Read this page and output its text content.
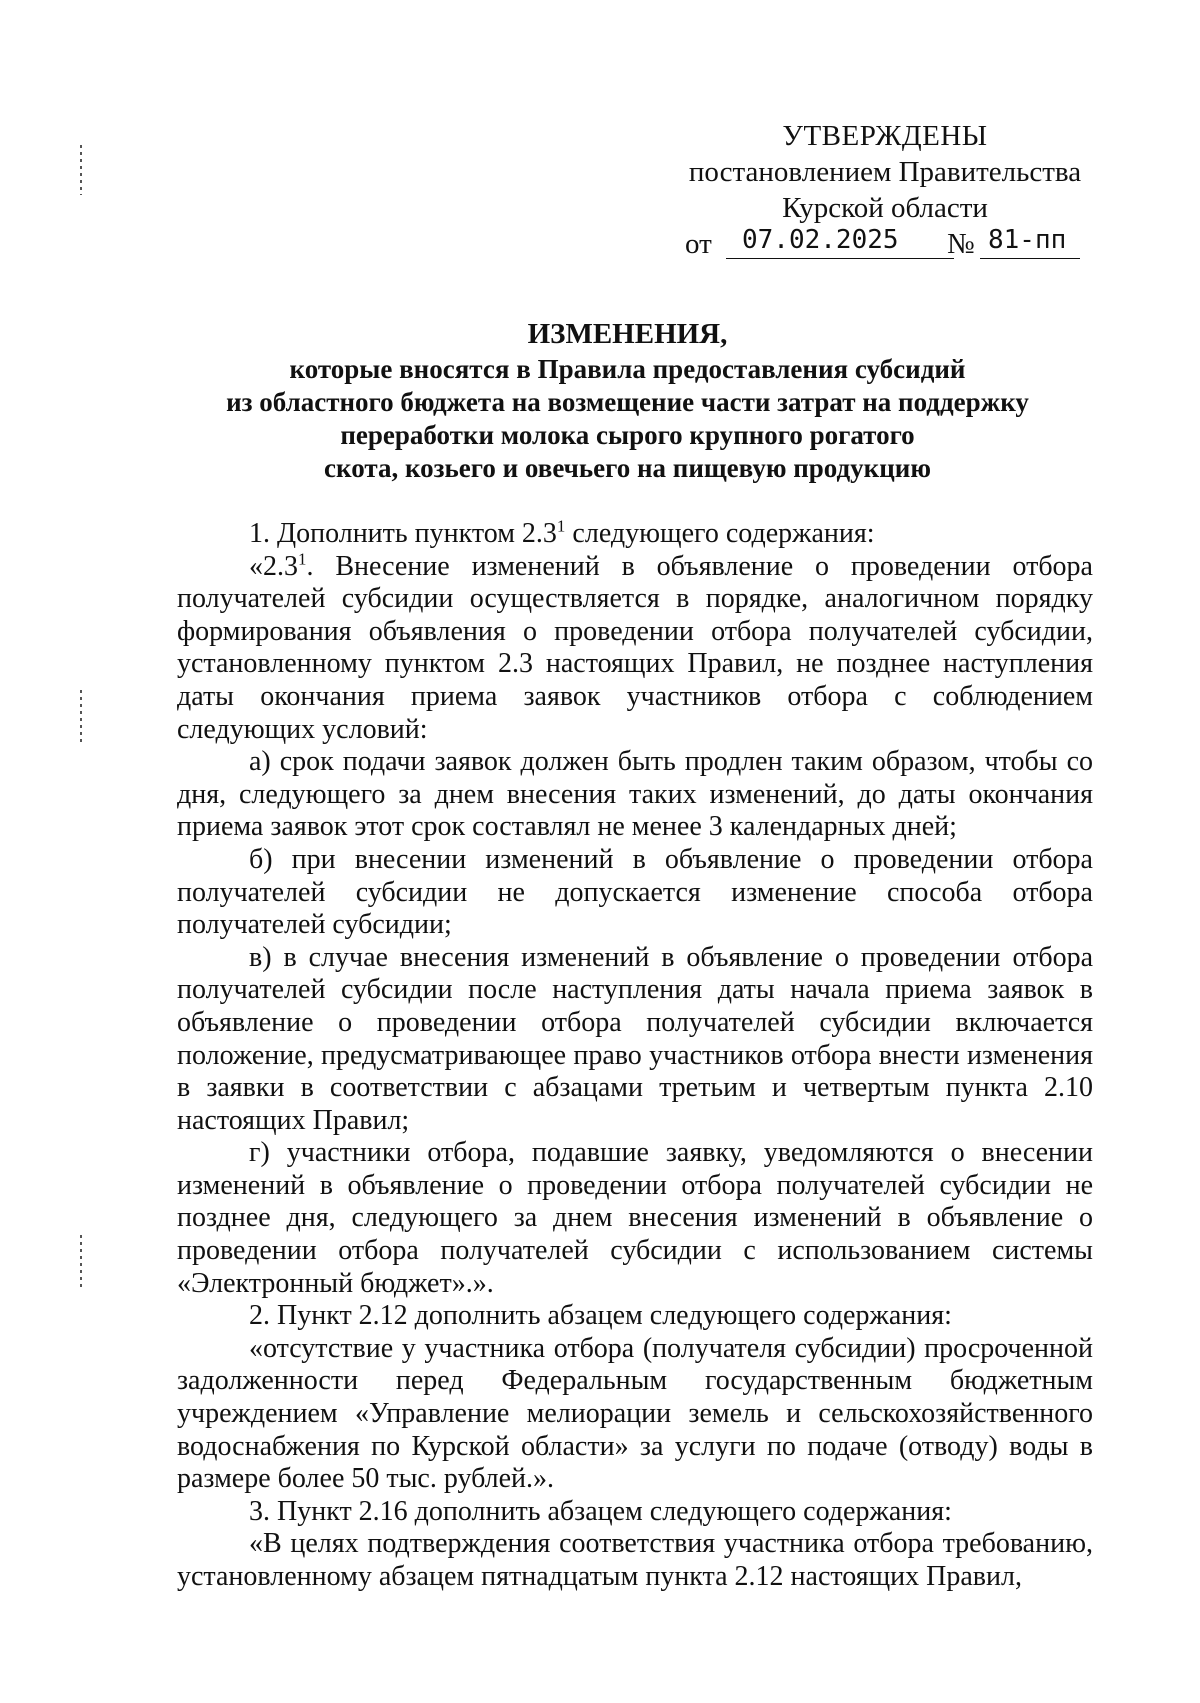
УТВЕРЖДЕНЫ
постановлением Правительства
Курской области
от 07.02.2025 № 81-пп
ИЗМЕНЕНИЯ,
которые вносятся в Правила предоставления субсидий
из областного бюджета на возмещение части затрат на поддержку
переработки молока сырого крупного рогатого
скота, козьего и овечьего на пищевую продукцию

1. Дополнить пунктом $2.3^1$ следующего содержания:

«$2.3^1$. Внесение изменений в объявление о проведении отбора получателей субсидии осуществляется в порядке, аналогичном порядку формирования объявления о проведении отбора получателей субсидии, установленному пунктом 2.3 настоящих Правил, не позднее наступления даты окончания приема заявок участников отбора с соблюдением следующих условий:

а) срок подачи заявок должен быть продлен таким образом, чтобы со дня, следующего за днем внесения таких изменений, до даты окончания приема заявок этот срок составлял не менее 3 календарных дней;

б) при внесении изменений в объявление о проведении отбора получателей субсидии не допускается изменение способа отбора получателей субсидии;

в) в случае внесения изменений в объявление о проведении отбора получателей субсидии после наступления даты начала приема заявок в объявление о проведении отбора получателей субсидии включается положение, предусматривающее право участников отбора внести изменения в заявки в соответствии с абзацами третьим и четвертым пункта 2.10 настоящих Правил;

г) участники отбора, подавшие заявку, уведомляются о внесении изменений в объявление о проведении отбора получателей субсидии не позднее дня, следующего за днем внесения изменений в объявление о проведении отбора получателей субсидии с использованием системы «Электронный бюджет».».

2. Пункт 2.12 дополнить абзацем следующего содержания:

«отсутствие у участника отбора (получателя субсидии) просроченной задолженности перед Федеральным государственным бюджетным учреждением «Управление мелиорации земель и сельскохозяйственного водоснабжения по Курской области» за услуги по подаче (отводу) воды в размере более 50 тыс. рублей.».

3. Пункт 2.16 дополнить абзацем следующего содержания:

«В целях подтверждения соответствия участника отбора требованию, установленному абзацем пятнадцатым пункта 2.12 настоящих Правил,
